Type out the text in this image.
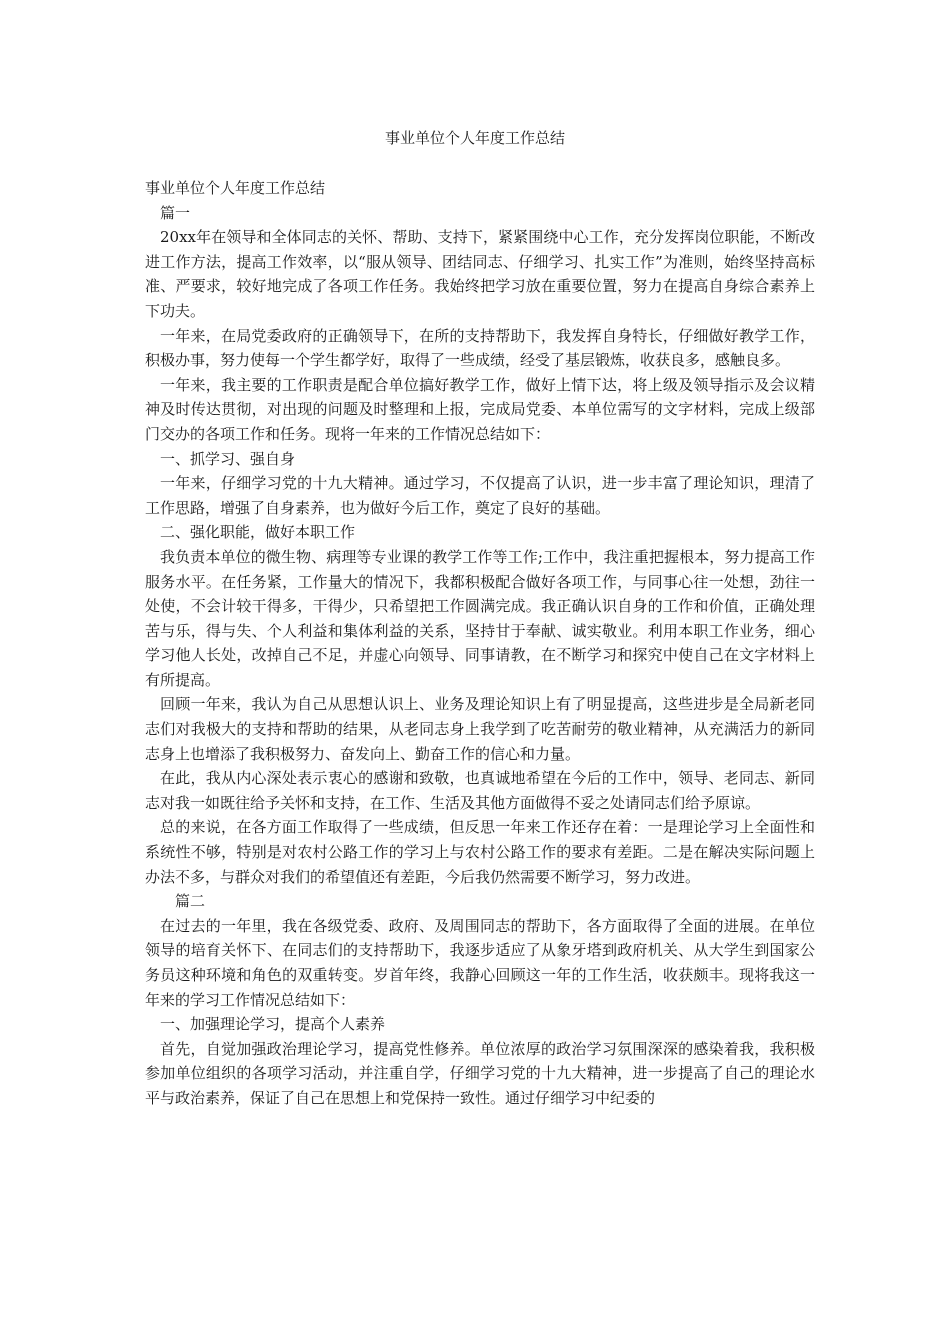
事业单位个人年度工作总结

事业单位个人年度工作总结

篇一

20xx年在领导和全体同志的关怀、帮助、支持下，紧紧围绕中心工作，充分发挥岗位职能，不断改进工作方法，提高工作效率，以“服从领导、团结同志、仔细学习、扎实工作”为准则，始终坚持高标准、严要求，较好地完成了各项工作任务。我始终把学习放在重要位置，努力在提高自身综合素养上下功夫。

一年来，在局党委政府的正确领导下，在所的支持帮助下，我发挥自身特长，仔细做好教学工作，积极办事，努力使每一个学生都学好，取得了一些成绩，经受了基层锻炼，收获良多，感触良多。

一年来，我主要的工作职责是配合单位搞好教学工作，做好上情下达，将上级及领导指示及会议精神及时传达贯彻，对出现的问题及时整理和上报，完成局党委、本单位需写的文字材料，完成上级部门交办的各项工作和任务。现将一年来的工作情况总结如下：

一、抓学习、强自身

一年来，仔细学习党的十九大精神。通过学习，不仅提高了认识，进一步丰富了理论知识，理清了工作思路，增强了自身素养，也为做好今后工作，奠定了良好的基础。

二、强化职能，做好本职工作

我负责本单位的微生物、病理等专业课的教学工作等工作;工作中，我注重把握根本，努力提高工作服务水平。在任务紧，工作量大的情况下，我都积极配合做好各项工作，与同事心往一处想，劲往一处使，不会计较干得多，干得少，只希望把工作圆满完成。我正确认识自身的工作和价值，正确处理苦与乐，得与失、个人利益和集体利益的关系，坚持甘于奉献、诚实敬业。利用本职工作业务，细心学习他人长处，改掉自己不足，并虚心向领导、同事请教，在不断学习和探究中使自己在文字材料上有所提高。

回顾一年来，我认为自己从思想认识上、业务及理论知识上有了明显提高，这些进步是全局新老同志们对我极大的支持和帮助的结果，从老同志身上我学到了吃苦耐劳的敬业精神，从充满活力的新同志身上也增添了我积极努力、奋发向上、勤奋工作的信心和力量。

在此，我从内心深处表示衷心的感谢和致敬，也真诚地希望在今后的工作中，领导、老同志、新同志对我一如既往给予关怀和支持，在工作、生活及其他方面做得不妥之处请同志们给予原谅。

总的来说，在各方面工作取得了一些成绩，但反思一年来工作还存在着：一是理论学习上全面性和系统性不够，特别是对农村公路工作的学习上与农村公路工作的要求有差距。二是在解决实际问题上办法不多，与群众对我们的希望值还有差距，今后我仍然需要不断学习，努力改进。

篇二

在过去的一年里，我在各级党委、政府、及周围同志的帮助下，各方面取得了全面的进展。在单位领导的培育关怀下、在同志们的支持帮助下，我逐步适应了从象牙塔到政府机关、从大学生到国家公务员这种环境和角色的双重转变。岁首年终，我静心回顾这一年的工作生活，收获颇丰。现将我这一年来的学习工作情况总结如下：

一、加强理论学习，提高个人素养

首先，自觉加强政治理论学习，提高党性修养。单位浓厚的政治学习氛围深深的感染着我，我积极参加单位组织的各项学习活动，并注重自学，仔细学习党的十九大精神，进一步提高了自己的理论水平与政治素养，保证了自己在思想上和党保持一致性。通过仔细学习中纪委的
